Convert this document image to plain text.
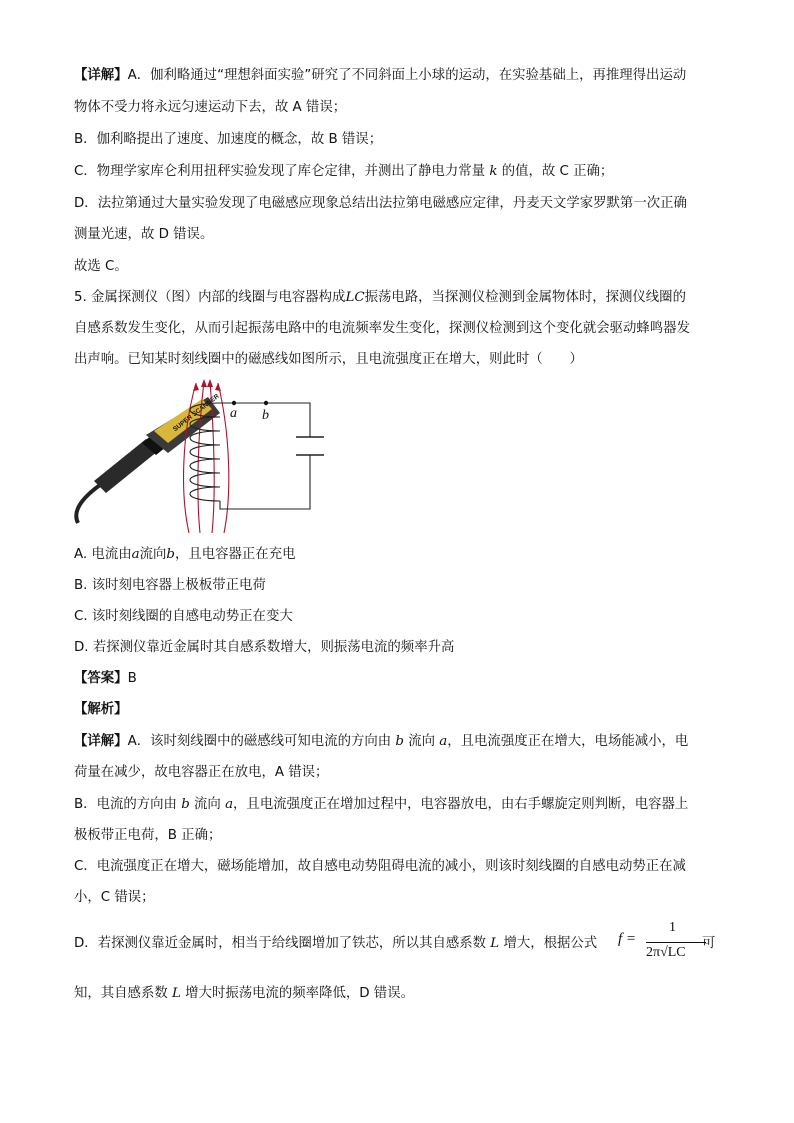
【详解】A．伽利略通过“理想斜面实验”研究了不同斜面上小球的运动，在实验基础上，再推理得出运动
物体不受力将永远匀速运动下去，故 A 错误；
B．伽利略提出了速度、加速度的概念，故 B 错误；
C．物理学家库仑利用扭秤实验发现了库仑定律，并测出了静电力常量 k 的值，故 C 正确；
D．法拉第通过大量实验发现了电磁感应现象总结出法拉第电磁感应定律，丹麦天文学家罗默第一次正确
测量光速，故 D 错误。
故选 C。
5. 金属探测仪（图）内部的线圈与电容器构成LC振荡电路，当探测仪检测到金属物体时，探测仪线圈的
自感系数发生变化，从而引起振荡电路中的电流频率发生变化，探测仪检测到这个变化就会驱动蜂鸣器发
出声响。已知某时刻线圈中的磁感线如图所示，且电流强度正在增大，则此时（　　）
SUPER SCANNER a b
A. 电流由a流向b，且电容器正在充电
B. 该时刻电容器上极板带正电荷
C. 该时刻线圈的自感电动势正在变大
D. 若探测仪靠近金属时其自感系数增大，则振荡电流的频率升高
【答案】B
【解析】
【详解】A．该时刻线圈中的磁感线可知电流的方向由 b 流向 a，且电流强度正在增大，电场能减小，电
荷量在减少，故电容器正在放电，A 错误；
B．电流的方向由 b 流向 a，且电流强度正在增加过程中，电容器放电，由右手螺旋定则判断，电容器上
极板带正电荷，B 正确；
C．电流强度正在增大，磁场能增加，故自感电动势阻碍电流的减小，则该时刻线圈的自感电动势正在减
小，C 错误；
D．若探测仪靠近金属时，相当于给线圈增加了铁芯，所以其自感系数 L 增大，根据公式 f =
1
2π√LC
可
知，其自感系数 L 增大时振荡电流的频率降低，D 错误。
